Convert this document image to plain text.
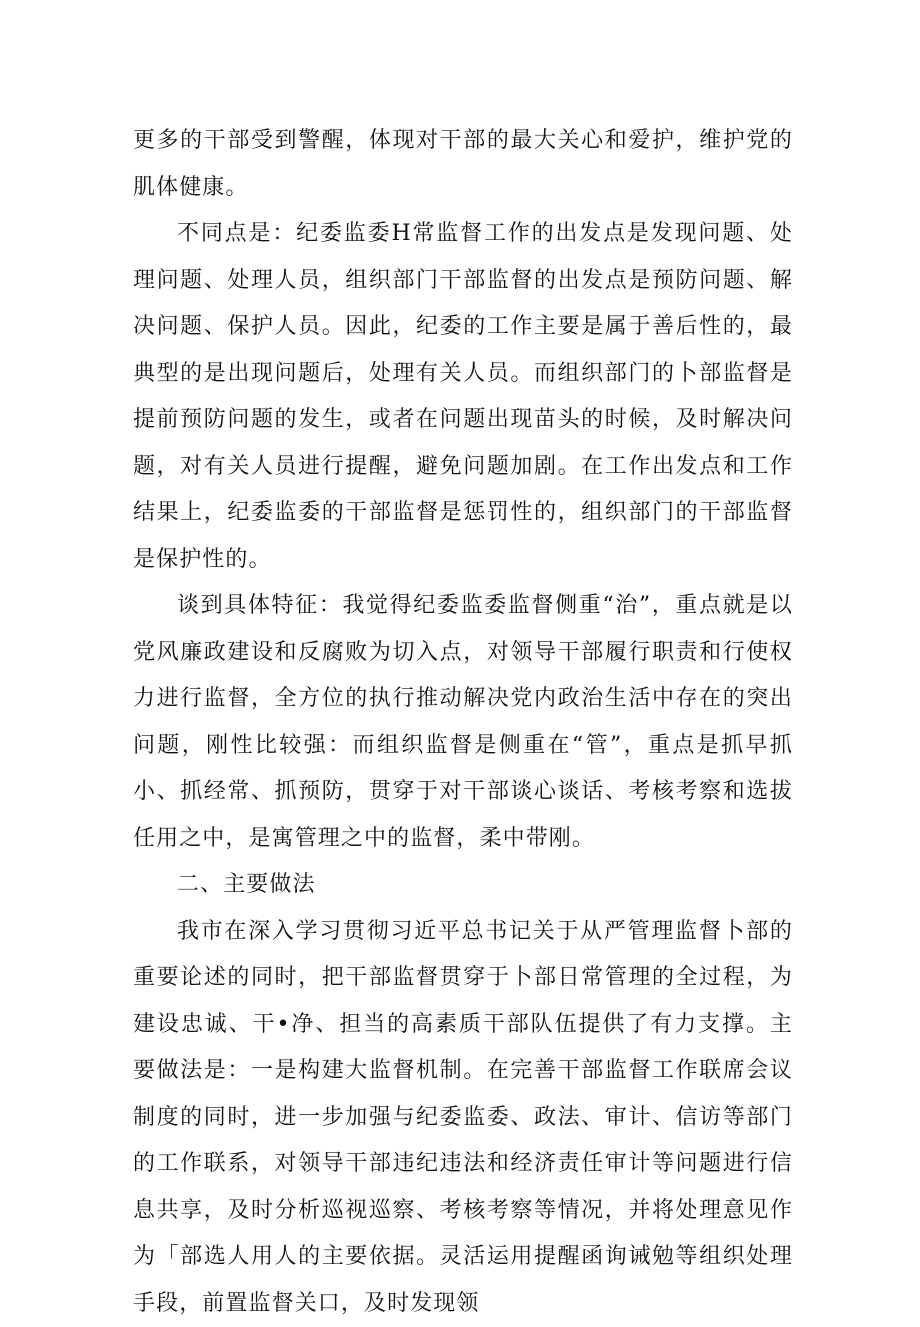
更多的干部受到警醒，体现对干部的最大关心和爱护，维护党的肌体健康。

不同点是：纪委监委H常监督工作的出发点是发现问题、处理问题、处理人员，组织部门干部监督的出发点是预防问题、解决问题、保护人员。因此，纪委的工作主要是属于善后性的，最典型的是出现问题后，处理有关人员。而组织部门的卜部监督是提前预防问题的发生，或者在问题出现苗头的时候，及时解决问题，对有关人员进行提醒，避免问题加剧。在工作出发点和工作结果上，纪委监委的干部监督是惩罚性的，组织部门的干部监督是保护性的。

谈到具体特征：我觉得纪委监委监督侧重“治”，重点就是以党风廉政建设和反腐败为切入点，对领导干部履行职责和行使权力进行监督，全方位的执行推动解决党内政治生活中存在的突出问题，刚性比较强：而组织监督是侧重在“管”，重点是抓早抓小、抓经常、抓预防，贯穿于对干部谈心谈话、考核考察和选拔任用之中，是寓管理之中的监督，柔中带刚。

二、主要做法

我市在深入学习贯彻习近平总书记关于从严管理监督卜部的重要论述的同时，把干部监督贯穿于卜部日常管理的全过程，为建设忠诚、干•净、担当的高素质干部队伍提供了有力支撑。主要做法是：一是构建大监督机制。在完善干部监督工作联席会议制度的同时，进一步加强与纪委监委、政法、审计、信访等部门的工作联系，对领导干部违纪违法和经济责任审计等问题进行信息共享，及时分析巡视巡察、考核考察等情况，并将处理意见作为「部选人用人的主要依据。灵活运用提醒函询诫勉等组织处理手段，前置监督关口，及时发现领
